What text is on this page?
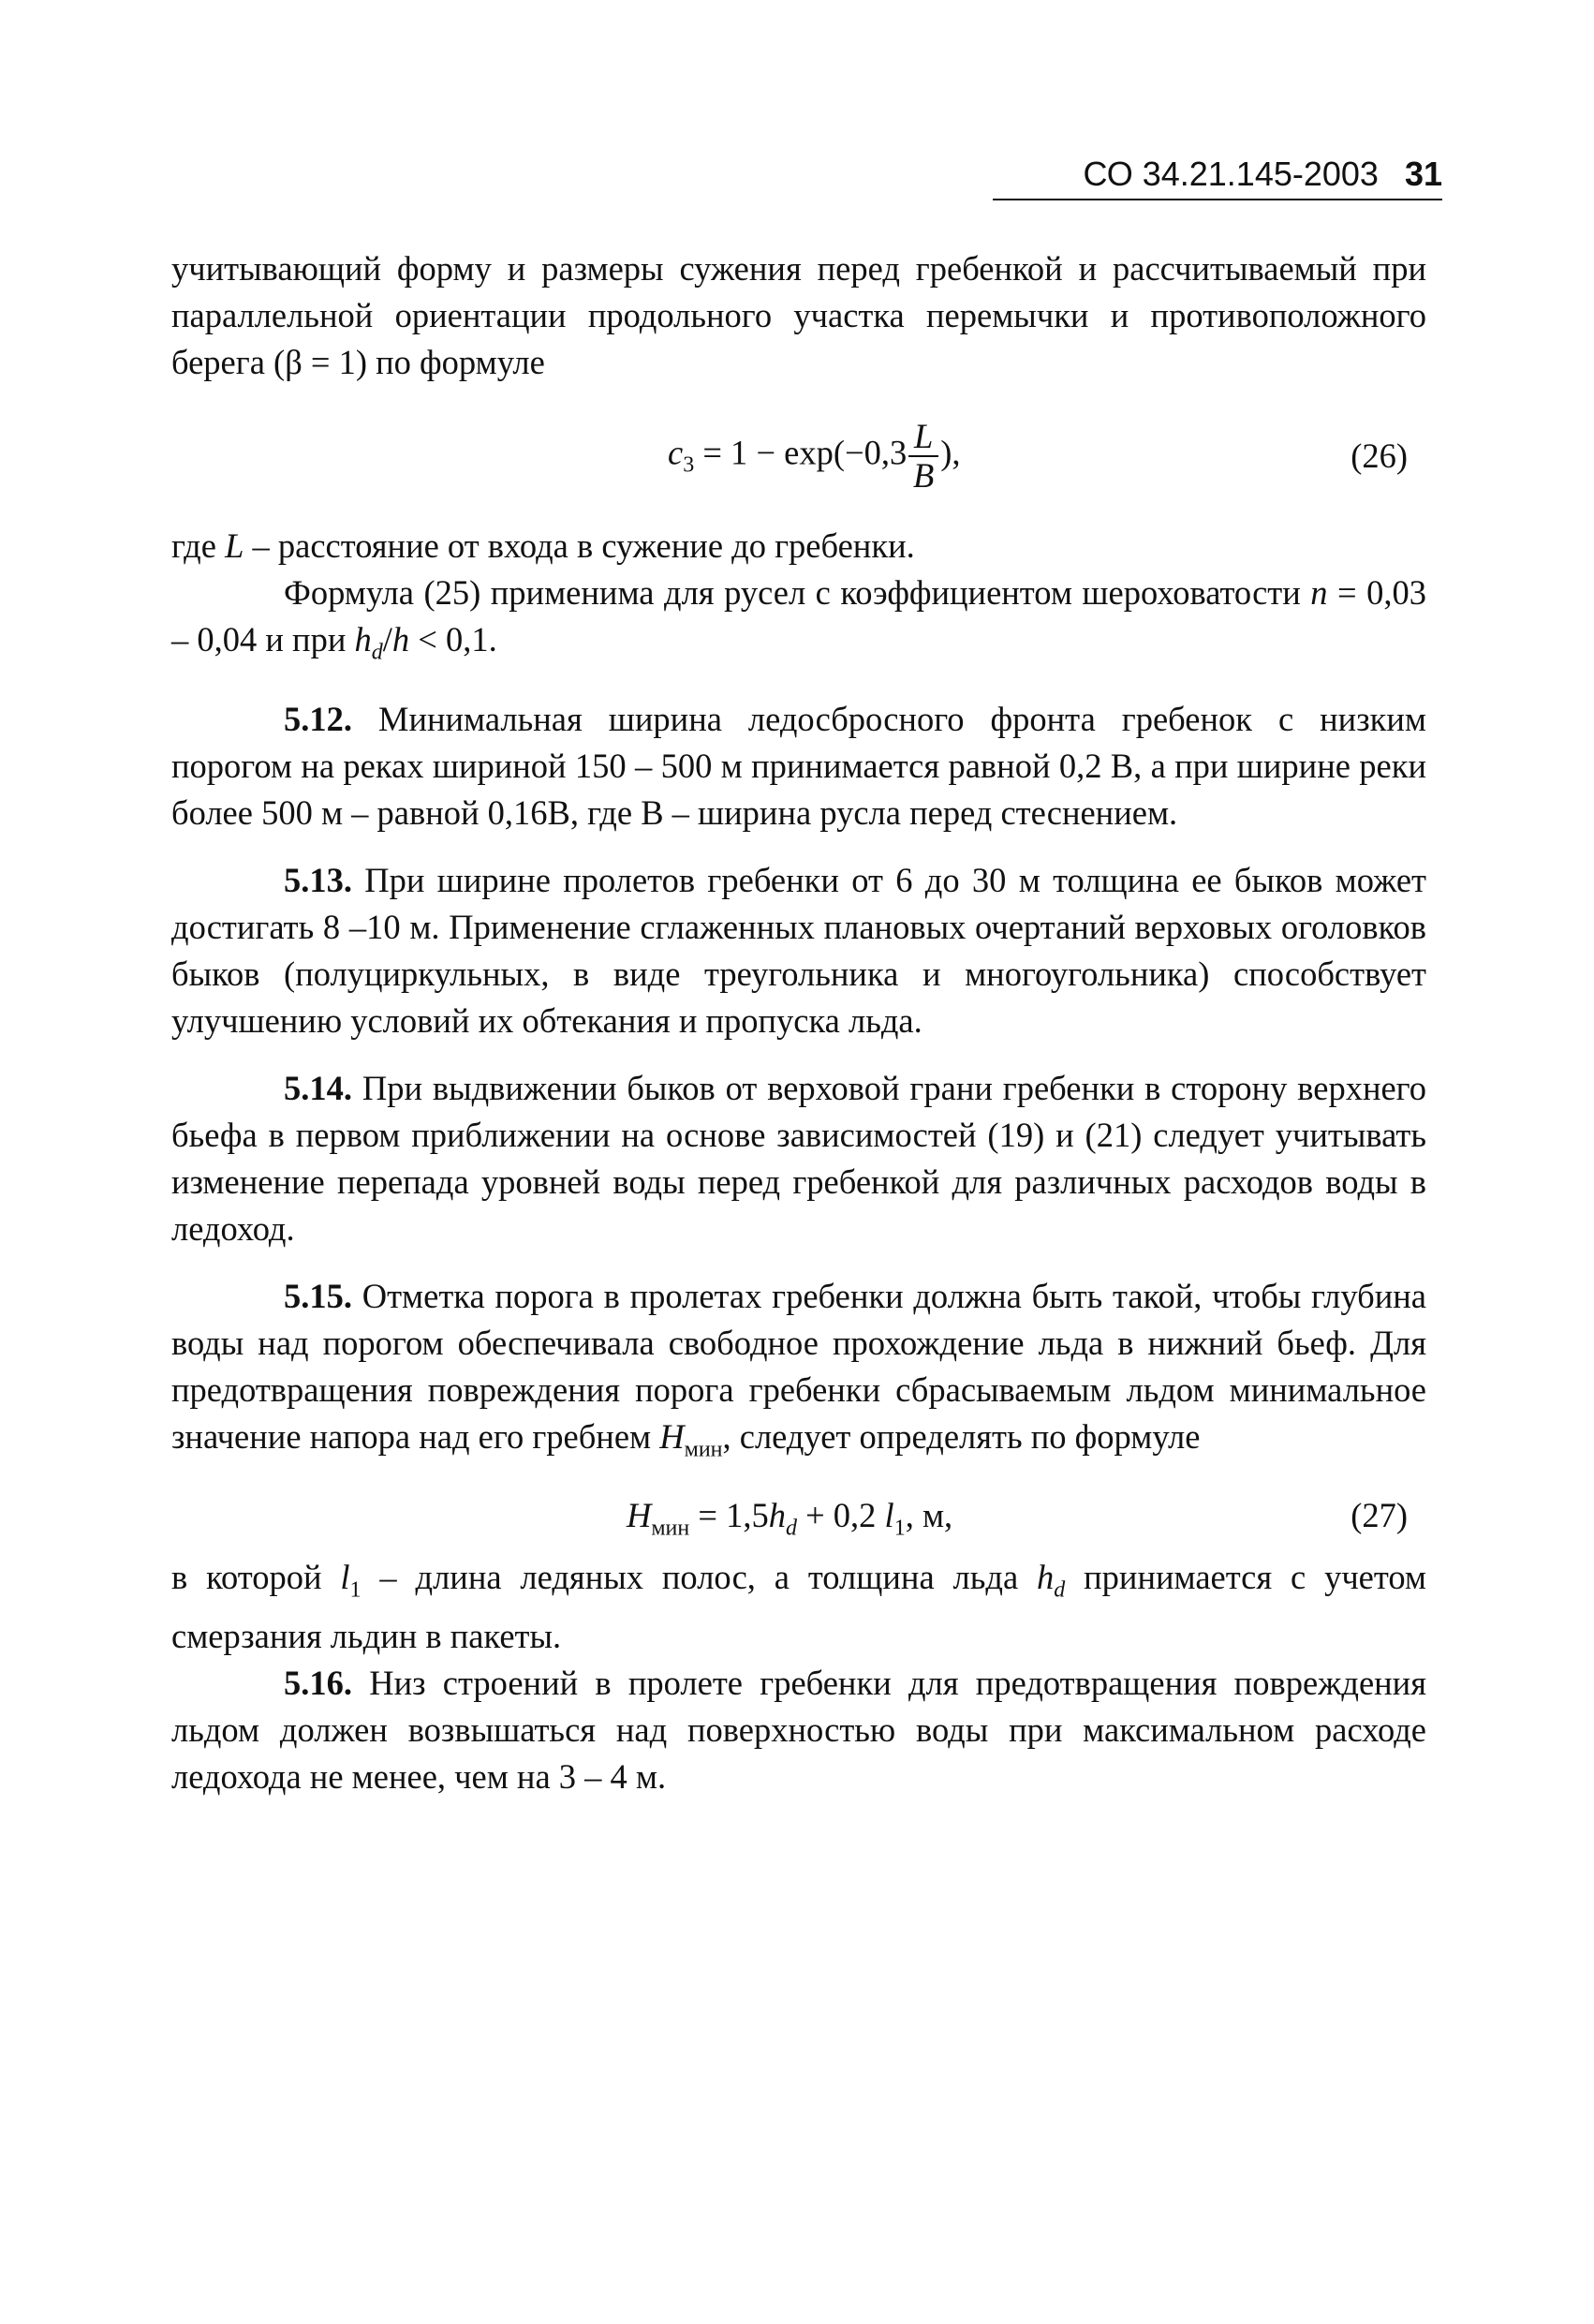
СО 34.21.145-2003 31

учитывающий форму и размеры сужения перед гребенкой и рассчитываемый при параллельной ориентации продольного участка перемычки и противоположного берега (β = 1) по формуле

$c_3 = 1 - \exp(-0,3\frac{L}{B})$,	(26)

где L – расстояние от входа в сужение до гребенки.

Формула (25) применима для русел с коэффициентом шероховатости n = 0,03 – 0,04 и при $h_d/h < 0,1$.

5.12. Минимальная ширина ледосбросного фронта гребенок с низким порогом на реках шириной 150 – 500 м принимается равной 0,2 B, а при ширине реки более 500 м – равной 0,16B, где B – ширина русла перед стеснением.

5.13. При ширине пролетов гребенки от 6 до 30 м толщина ее быков может достигать 8 –10 м. Применение сглаженных плановых очертаний верховых оголовков быков (полуциркульных, в виде треугольника и многоугольника) способствует улучшению условий их обтекания и пропуска льда.

5.14. При выдвижении быков от верховой грани гребенки в сторону верхнего бьефа в первом приближении на основе зависимостей (19) и (21) следует учитывать изменение перепада уровней воды перед гребенкой для различных расходов воды в ледоход.

5.15. Отметка порога в пролетах гребенки должна быть такой, чтобы глубина воды над порогом обеспечивала свободное прохождение льда в нижний бьеф. Для предотвращения повреждения порога гребенки сбрасываемым льдом минимальное значение напора над его гребнем $H_{мин}$, следует определять по формуле

$H_{мин} = 1,5h_d + 0,2$ $l_1$, м,	(27)

в которой $l_1$ – длина ледяных полос, а толщина льда $h_d$ принимается с учетом смерзания льдин в пакеты.

5.16. Низ строений в пролете гребенки для предотвращения повреждения льдом должен возвышаться над поверхностью воды при максимальном расходе ледохода не менее, чем на 3 – 4 м.
